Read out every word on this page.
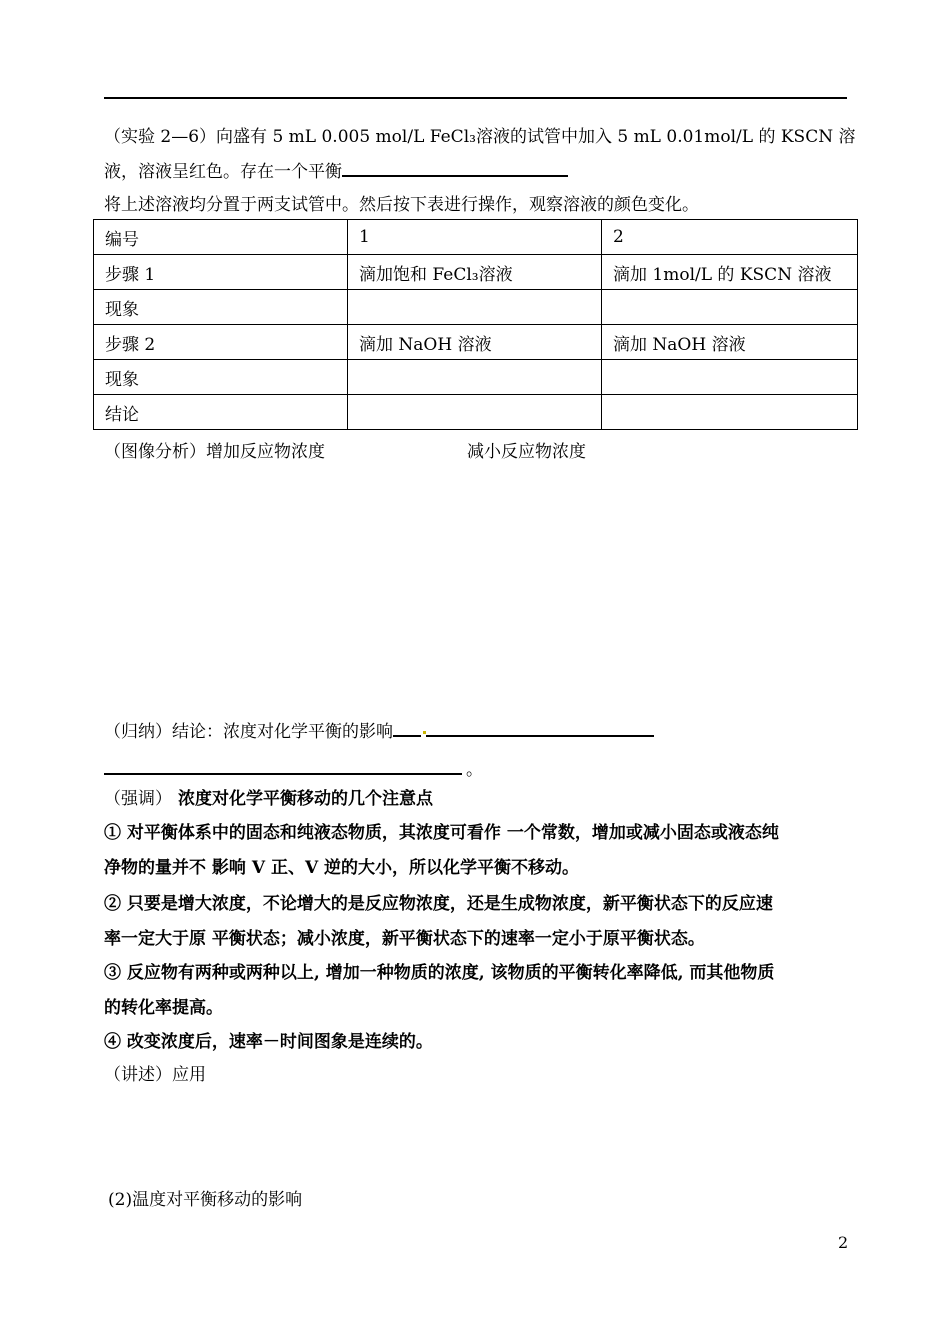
（实验 2—6）向盛有 5 mL 0.005 mol/L FeCl₃溶液的试管中加入 5 mL 0.01mol/L 的 KSCN 溶
液，溶液呈红色。存在一个平衡
将上述溶液均分置于两支试管中。然后按下表进行操作，观察溶液的颜色变化。
编号	1	2
步骤 1	滴加饱和 FeCl₃溶液	滴加 1mol/L 的 KSCN 溶液
现象		
步骤 2	滴加 NaOH 溶液	滴加 NaOH 溶液
现象		
结论		
（图像分析）增加反应物浓度	减小反应物浓度
（归纳）结论：浓度对化学平衡的影响
。
（强调） 浓度对化学平衡移动的几个注意点
① 对平衡体系中的固态和纯液态物质，其浓度可看作 一个常数，增加或减小固态或液态纯
净物的量并不 影响 V 正、V 逆的大小，所以化学平衡不移动。
② 只要是增大浓度，不论增大的是反应物浓度，还是生成物浓度，新平衡状态下的反应速
率一定大于原 平衡状态；减小浓度，新平衡状态下的速率一定小于原平衡状态。
③ 反应物有两种或两种以上, 增加一种物质的浓度, 该物质的平衡转化率降低, 而其他物质
的转化率提高。
④ 改变浓度后，速率－时间图象是连续的。
（讲述）应用
(2)温度对平衡移动的影响
2
